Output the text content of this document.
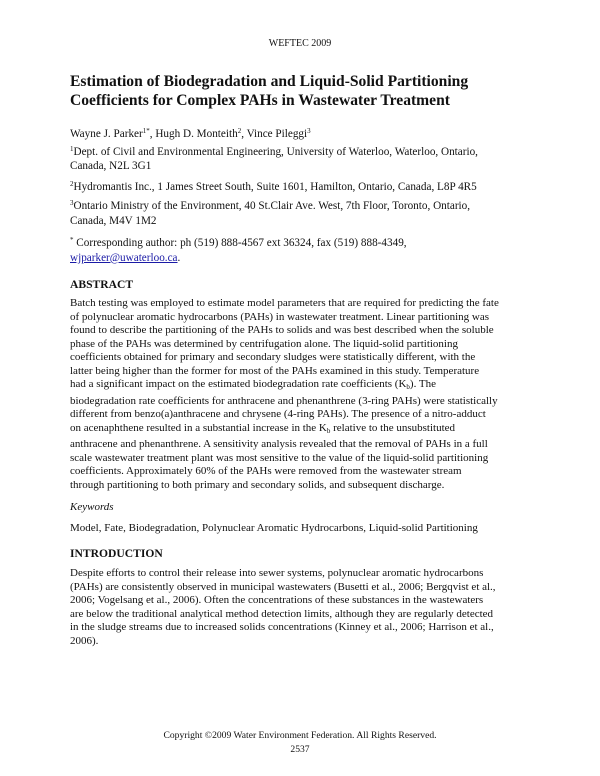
WEFTEC 2009
Estimation of Biodegradation and Liquid-Solid Partitioning
Coefficients for Complex PAHs in Wastewater Treatment
Wayne J. Parker$^{1*}$, Hugh D. Monteith$^2$, Vince Pileggi$^3$
$^1$Dept. of Civil and Environmental Engineering, University of Waterloo, Waterloo, Ontario,
Canada, N2L 3G1
$^2$Hydromantis Inc., 1 James Street South, Suite 1601, Hamilton, Ontario, Canada, L8P 4R5
$^3$Ontario Ministry of the Environment, 40 St.Clair Ave. West, 7th Floor, Toronto, Ontario,
Canada, M4V 1M2
* Corresponding author: ph (519) 888-4567 ext 36324, fax (519) 888-4349,
wjparker@uwaterloo.ca.
ABSTRACT
Batch testing was employed to estimate model parameters that are required for predicting the fate
of polynuclear aromatic hydrocarbons (PAHs) in wastewater treatment. Linear partitioning was
found to describe the partitioning of the PAHs to solids and was best described when the soluble
phase of the PAHs was determined by centrifugation alone. The liquid-solid partitioning
coefficients obtained for primary and secondary sludges were statistically different, with the
latter being higher than the former for most of the PAHs examined in this study. Temperature
had a significant impact on the estimated biodegradation rate coefficients $(K_b)$. The
biodegradation rate coefficients for anthracene and phenanthrene (3-ring PAHs) were statistically
different from benzo(a)anthracene and chrysene (4-ring PAHs). The presence of a nitro-adduct
on acenaphthene resulted in a substantial increase in the $K_b$ relative to the unsubstituted
anthracene and phenanthrene. A sensitivity analysis revealed that the removal of PAHs in a full
scale wastewater treatment plant was most sensitive to the value of the liquid-solid partitioning
coefficients. Approximately 60% of the PAHs were removed from the wastewater stream
through partitioning to both primary and secondary solids, and subsequent discharge.
Keywords
Model, Fate, Biodegradation, Polynuclear Aromatic Hydrocarbons, Liquid-solid Partitioning
INTRODUCTION
Despite efforts to control their release into sewer systems, polynuclear aromatic hydrocarbons
(PAHs) are consistently observed in municipal wastewaters (Busetti et al., 2006; Bergqvist et al.,
2006; Vogelsang et al., 2006). Often the concentrations of these substances in the wastewaters
are below the traditional analytical method detection limits, although they are regularly detected
in the sludge streams due to increased solids concentrations (Kinney et al., 2006; Harrison et al.,
2006).
Copyright ©2009 Water Environment Federation. All Rights Reserved.
2537
